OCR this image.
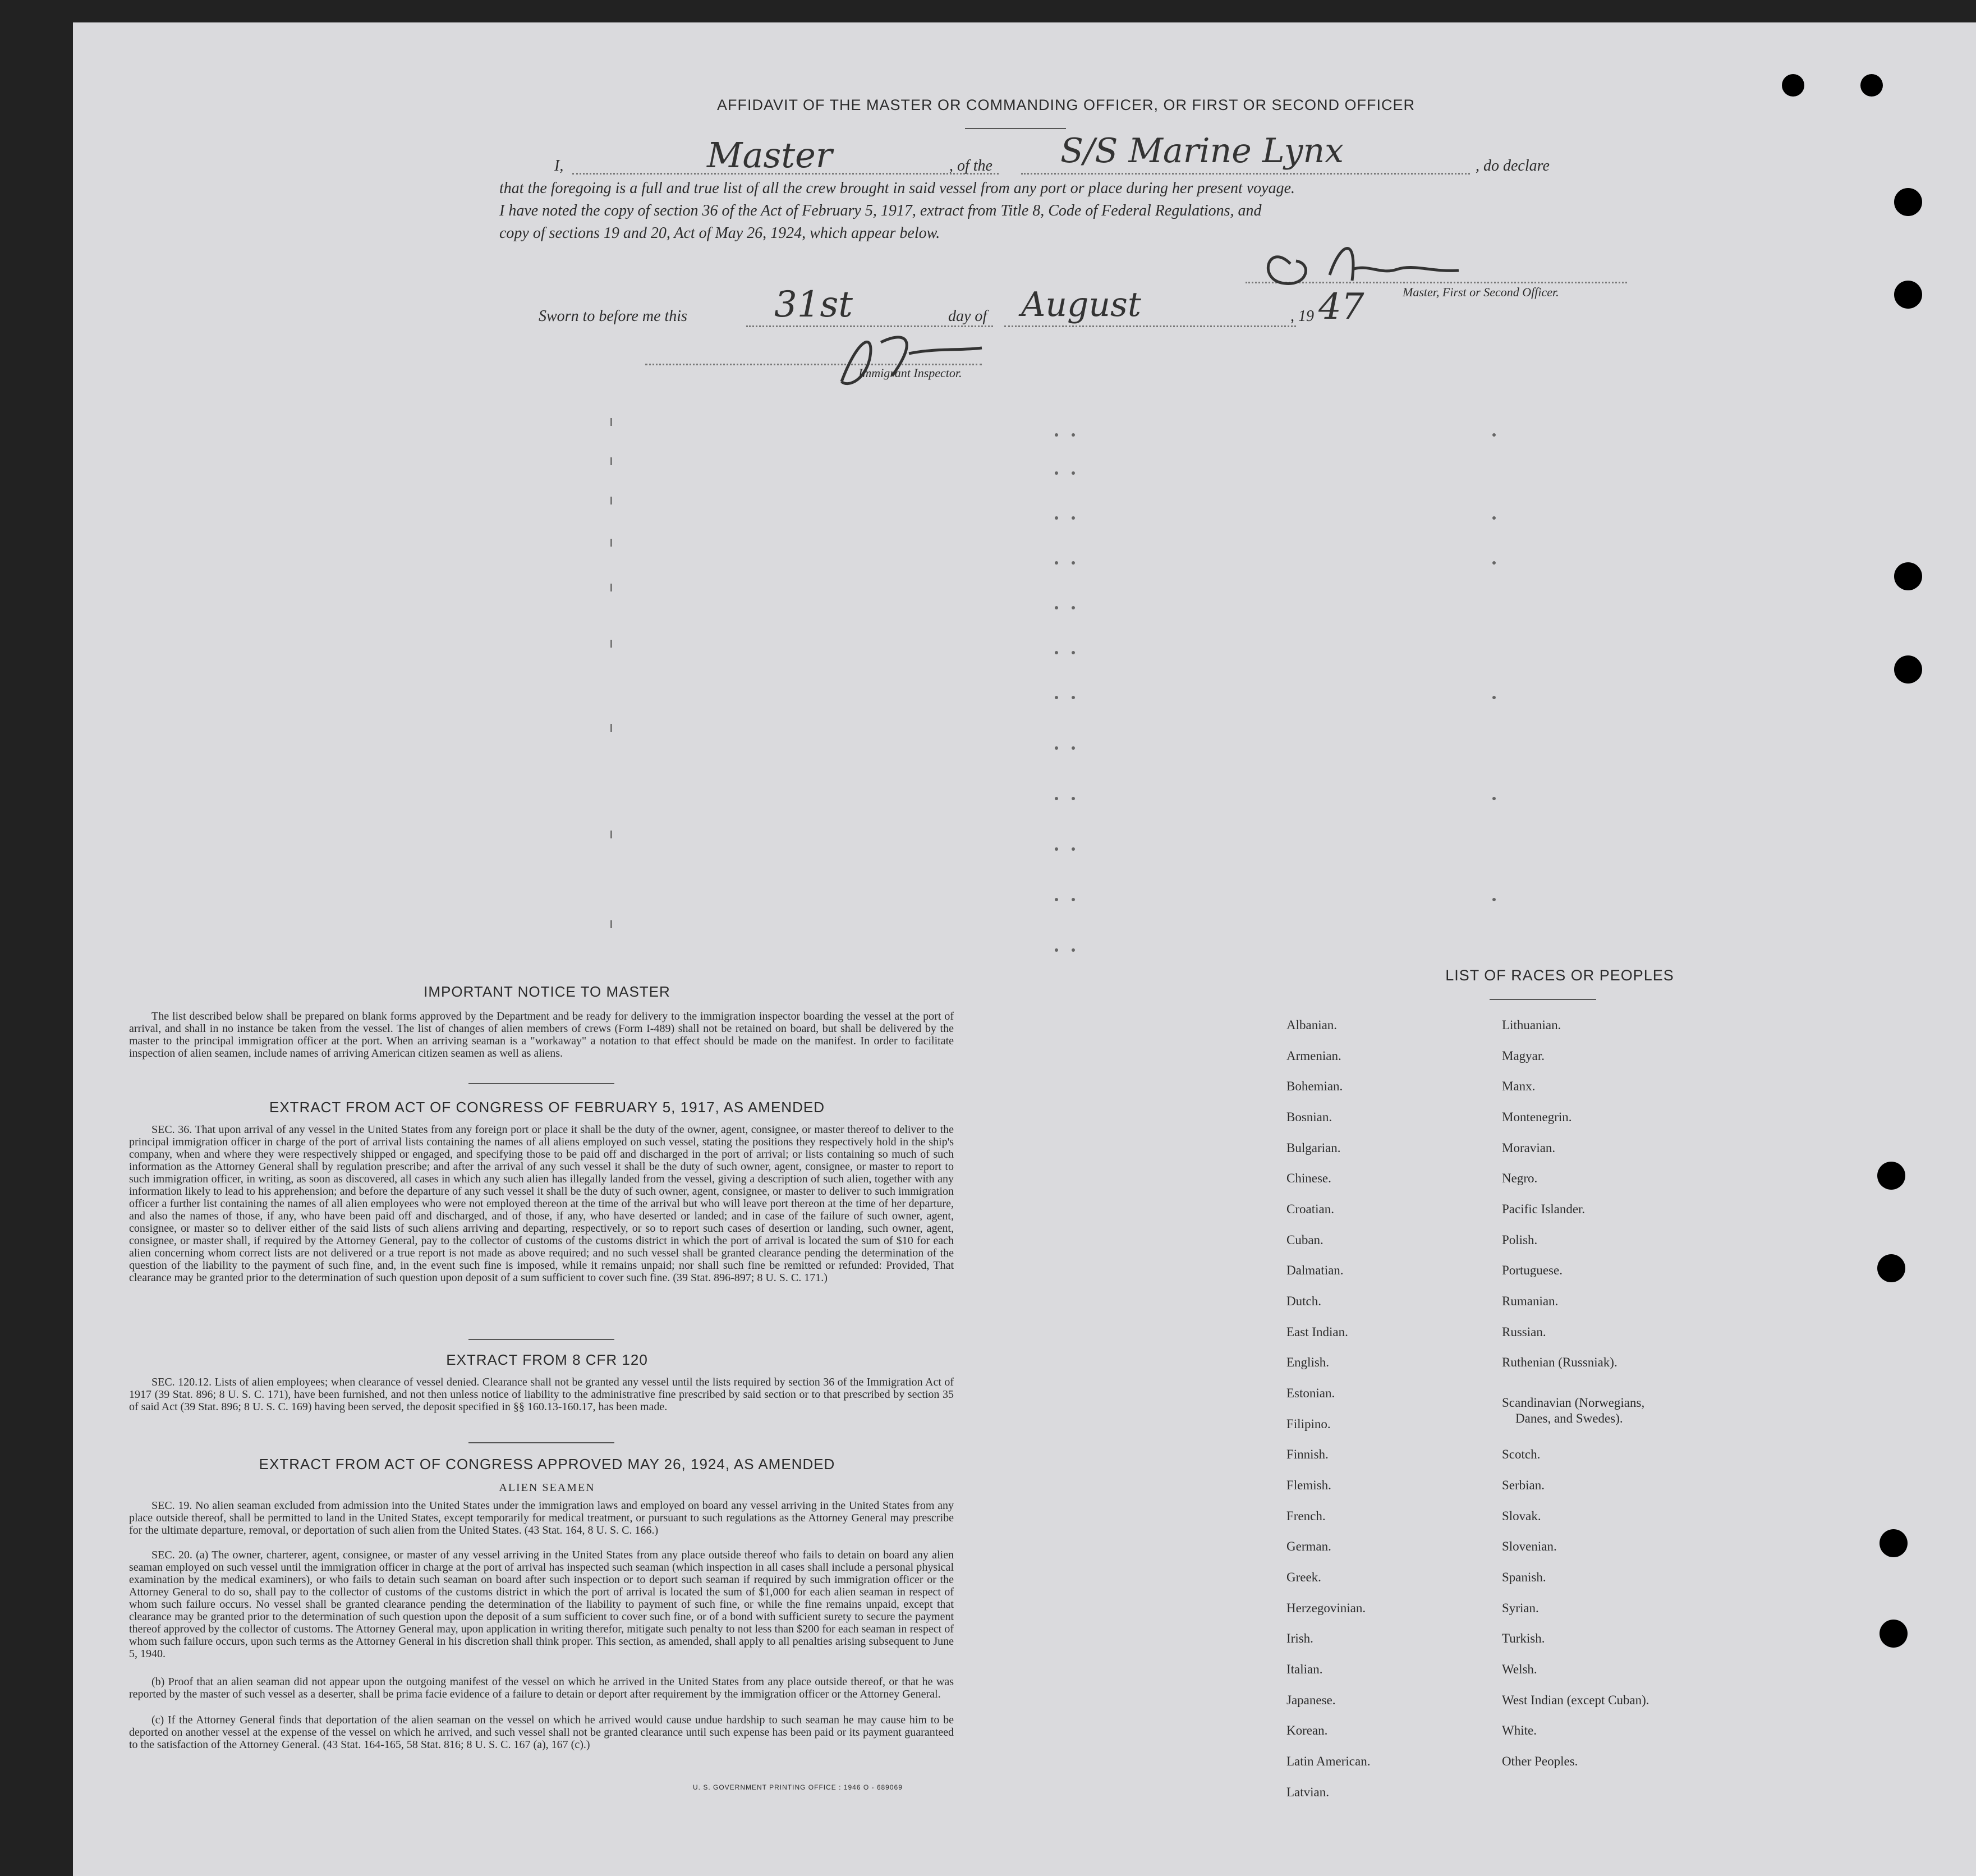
AFFIDAVIT OF THE MASTER OR COMMANDING OFFICER, OR FIRST OR SECOND OFFICER
I,	Master	, of the S/S Marine Lynx	, do declare
that the foregoing is a full and true list of all the crew brought in said vessel from any port or place during her present voyage.
I have noted the copy of section 36 of the Act of February 5, 1917, extract from Title 8, Code of Federal Regulations, and
copy of sections 19 and 20, Act of May 26, 1924, which appear below.
Master, First or Second Officer.
Sworn to before me this 31st	day of August	, 19 47
Immigrant Inspector.
IMPORTANT NOTICE TO MASTER
The list described below shall be prepared on blank forms approved by the Department and be ready for delivery to the immigration inspector boarding the vessel at the port of arrival, and shall in no instance be taken from the vessel. The list of changes of alien members of crews (Form I-489) shall not be retained on board, but shall be delivered by the master to the principal immigration officer at the port. When an arriving seaman is a "workaway" a notation to that effect should be made on the manifest. In order to facilitate inspection of alien seamen, include names of arriving American citizen seamen as well as aliens.
EXTRACT FROM ACT OF CONGRESS OF FEBRUARY 5, 1917, AS AMENDED
SEC. 36. That upon arrival of any vessel in the United States from any foreign port or place it shall be the duty of the owner, agent, consignee, or master thereof to deliver to the principal immigration officer in charge of the port of arrival lists containing the names of all aliens employed on such vessel, stating the positions they respectively hold in the ship's company, when and where they were respectively shipped or engaged, and specifying those to be paid off and discharged in the port of arrival; or lists containing so much of such information as the Attorney General shall by regulation prescribe; and after the arrival of any such vessel it shall be the duty of such owner, agent, consignee, or master to report to such immigration officer, in writing, as soon as discovered, all cases in which any such alien has illegally landed from the vessel, giving a description of such alien, together with any information likely to lead to his apprehension; and before the departure of any such vessel it shall be the duty of such owner, agent, consignee, or master to deliver to such immigration officer a further list containing the names of all alien employees who were not employed thereon at the time of the arrival but who will leave port thereon at the time of her departure, and also the names of those, if any, who have been paid off and discharged, and of those, if any, who have deserted or landed; and in case of the failure of such owner, agent, consignee, or master so to deliver either of the said lists of such aliens arriving and departing, respectively, or so to report such cases of desertion or landing, such owner, agent, consignee, or master shall, if required by the Attorney General, pay to the collector of customs of the customs district in which the port of arrival is located the sum of $10 for each alien concerning whom correct lists are not delivered or a true report is not made as above required; and no such vessel shall be granted clearance pending the determination of the question of the liability to the payment of such fine, and, in the event such fine is imposed, while it remains unpaid; nor shall such fine be remitted or refunded: Provided, That clearance may be granted prior to the determination of such question upon deposit of a sum sufficient to cover such fine. (39 Stat. 896-897; 8 U. S. C. 171.)
EXTRACT FROM 8 CFR 120
SEC. 120.12. Lists of alien employees; when clearance of vessel denied. Clearance shall not be granted any vessel until the lists required by section 36 of the Immigration Act of 1917 (39 Stat. 896; 8 U. S. C. 171), have been furnished, and not then unless notice of liability to the administrative fine prescribed by said section or to that prescribed by section 35 of said Act (39 Stat. 896; 8 U. S. C. 169) having been served, the deposit specified in §§ 160.13-160.17, has been made.
EXTRACT FROM ACT OF CONGRESS APPROVED MAY 26, 1924, AS AMENDED
ALIEN SEAMEN
SEC. 19. No alien seaman excluded from admission into the United States under the immigration laws and employed on board any vessel arriving in the United States from any place outside thereof, shall be permitted to land in the United States, except temporarily for medical treatment, or pursuant to such regulations as the Attorney General may prescribe for the ultimate departure, removal, or deportation of such alien from the United States. (43 Stat. 164, 8 U. S. C. 166.)
SEC. 20. (a) The owner, charterer, agent, consignee, or master of any vessel arriving in the United States from any place outside thereof who fails to detain on board any alien seaman employed on such vessel until the immigration officer in charge at the port of arrival has inspected such seaman (which inspection in all cases shall include a personal physical examination by the medical examiners), or who fails to detain such seaman on board after such inspection or to deport such seaman if required by such immigration officer or the Attorney General to do so, shall pay to the collector of customs of the customs district in which the port of arrival is located the sum of $1,000 for each alien seaman in respect of whom such failure occurs. No vessel shall be granted clearance pending the determination of the liability to payment of such fine, or while the fine remains unpaid, except that clearance may be granted prior to the determination of such question upon the deposit of a sum sufficient to cover such fine, or of a bond with sufficient surety to secure the payment thereof approved by the collector of customs. The Attorney General may, upon application in writing therefor, mitigate such penalty to not less than $200 for each seaman in respect of whom such failure occurs, upon such terms as the Attorney General in his discretion shall think proper. This section, as amended, shall apply to all penalties arising subsequent to June 5, 1940.
(b) Proof that an alien seaman did not appear upon the outgoing manifest of the vessel on which he arrived in the United States from any place outside thereof, or that he was reported by the master of such vessel as a deserter, shall be prima facie evidence of a failure to detain or deport after requirement by the immigration officer or the Attorney General.
(c) If the Attorney General finds that deportation of the alien seaman on the vessel on which he arrived would cause undue hardship to such seaman he may cause him to be deported on another vessel at the expense of the vessel on which he arrived, and such vessel shall not be granted clearance until such expense has been paid or its payment guaranteed to the satisfaction of the Attorney General. (43 Stat. 164-165, 58 Stat. 816; 8 U. S. C. 167 (a), 167 (c).)
U. S. GOVERNMENT PRINTING OFFICE : 1946 O - 689069
LIST OF RACES OR PEOPLES
Albanian.
Armenian.
Bohemian.
Bosnian.
Bulgarian.
Chinese.
Croatian.
Cuban.
Dalmatian.
Dutch.
East Indian.
English.
Estonian.
Filipino.
Finnish.
Flemish.
French.
German.
Greek.
Herzegovinian.
Irish.
Italian.
Japanese.
Korean.
Latin American.
Latvian.
Lithuanian.
Magyar.
Manx.
Montenegrin.
Moravian.
Negro.
Pacific Islander.
Polish.
Portuguese.
Rumanian.
Russian.
Ruthenian (Russniak).
Scandinavian (Norwegians,
Danes, and Swedes).
Scotch.
Serbian.
Slovak.
Slovenian.
Spanish.
Syrian.
Turkish.
Welsh.
West Indian (except Cuban).
White.
Other Peoples.
